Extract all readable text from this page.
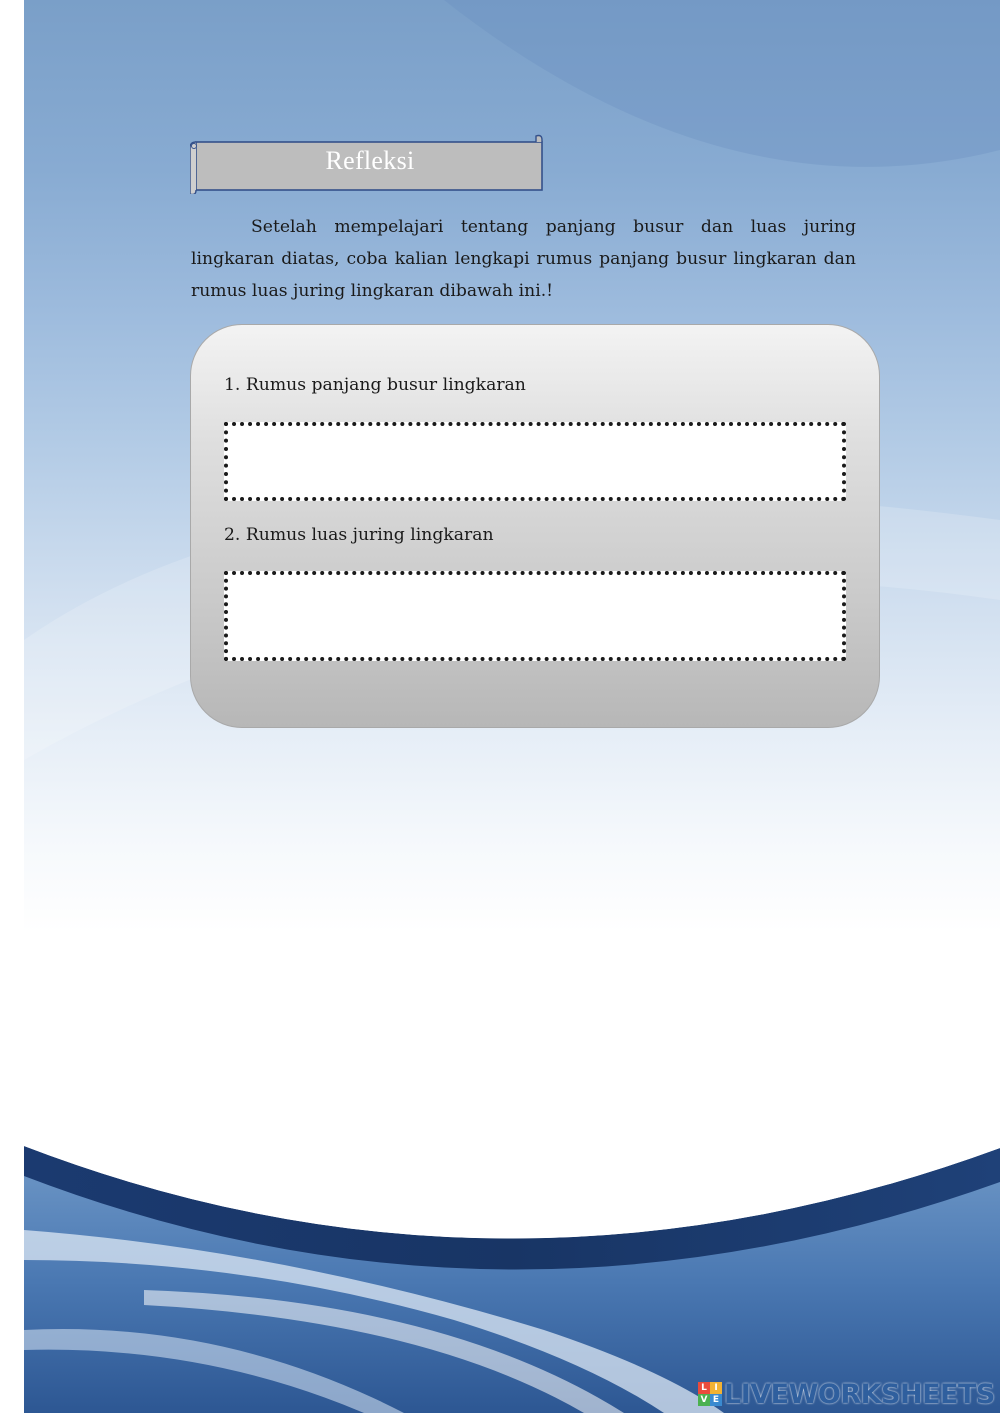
Refleksi

Setelah mempelajari tentang panjang busur dan luas juring lingkaran diatas, coba kalian lengkapi rumus panjang busur lingkaran dan rumus luas juring lingkaran dibawah ini.!

1. Rumus panjang busur lingkaran
2. Rumus luas juring lingkaran
L I
V E LIVEWORKSHEETS
